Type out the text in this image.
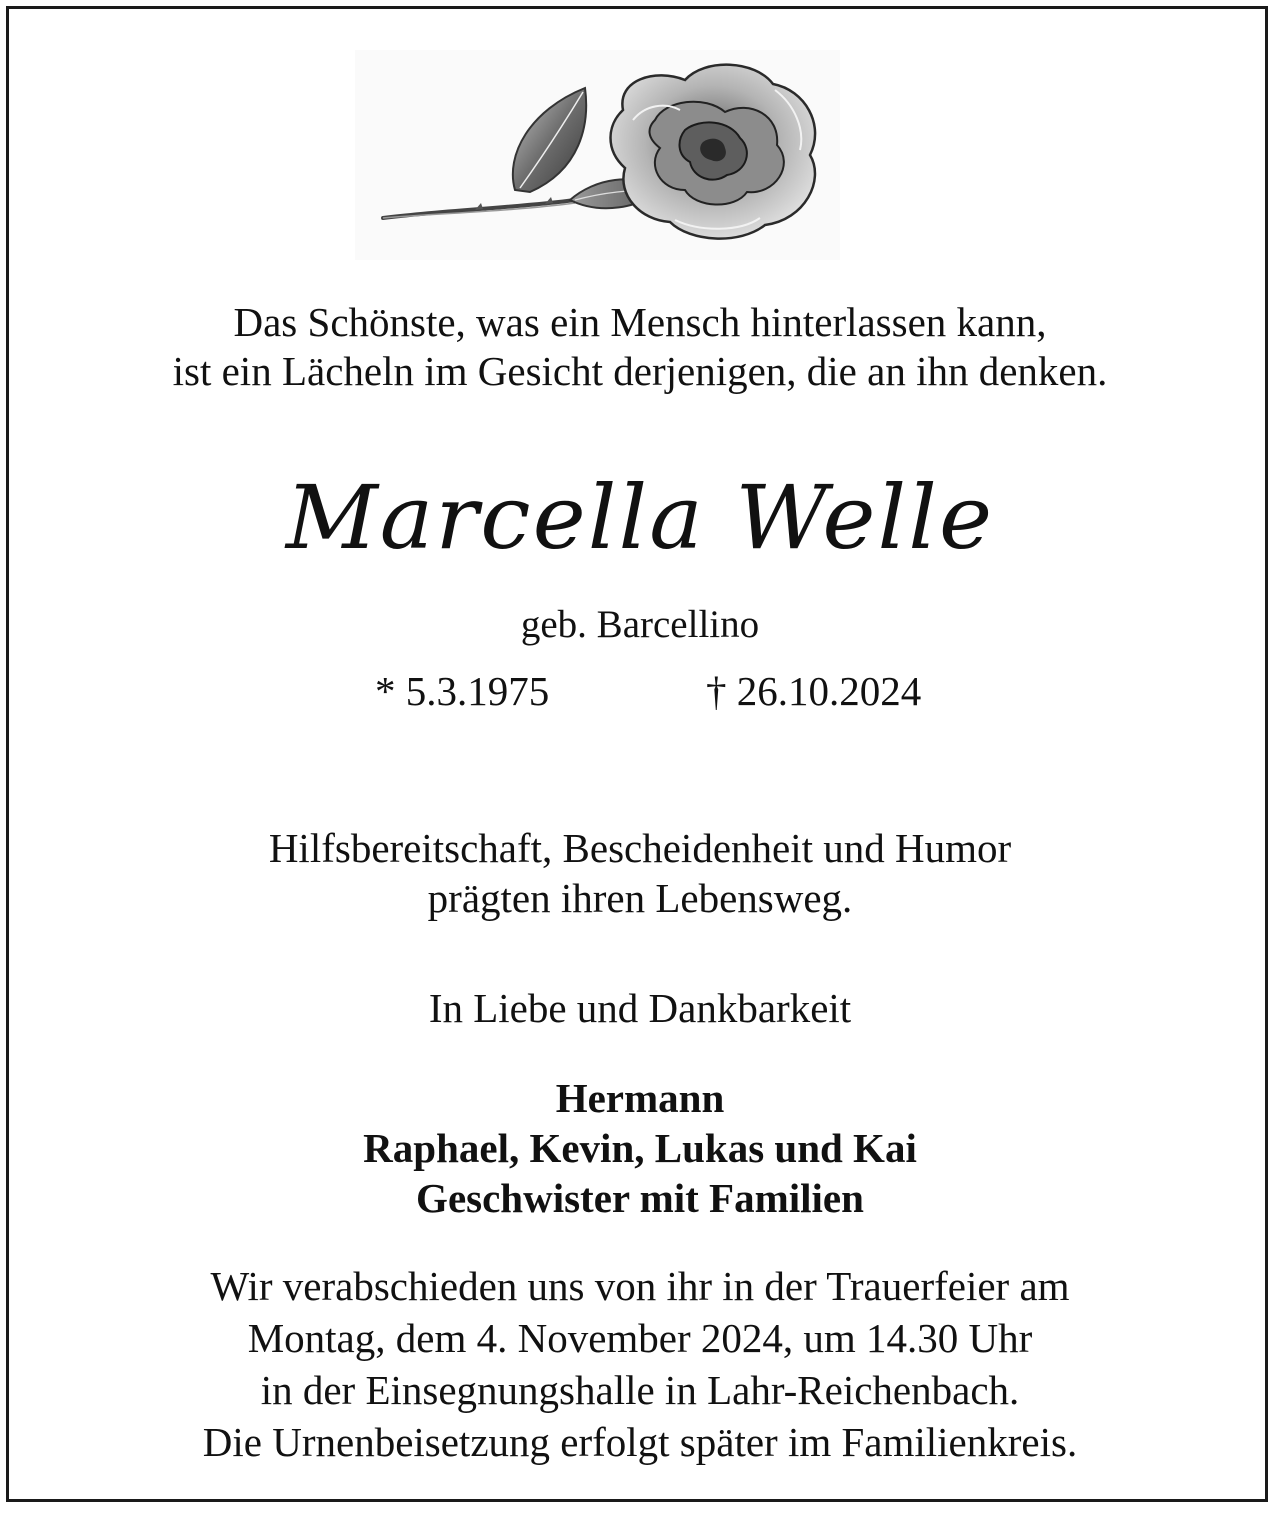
Das Schönste, was ein Mensch hinterlassen kann,
ist ein Lächeln im Gesicht derjenigen, die an ihn denken.
Marcella Welle
geb. Barcellino
* 5.3.1975	† 26.10.2024
Hilfsbereitschaft, Bescheidenheit und Humor
prägten ihren Lebensweg.
In Liebe und Dankbarkeit
Hermann
Raphael, Kevin, Lukas und Kai
Geschwister mit Familien
Wir verabschieden uns von ihr in der Trauerfeier am
Montag, dem 4. November 2024, um 14.30 Uhr
in der Einsegnungshalle in Lahr-Reichenbach.
Die Urnenbeisetzung erfolgt später im Familienkreis.
